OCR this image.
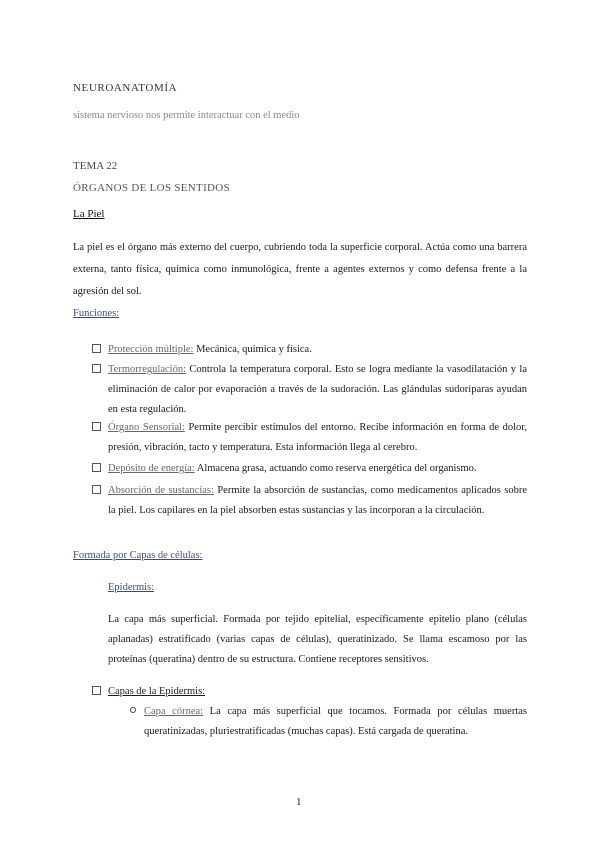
NEUROANATOMÍA
sistema nervioso nos permite interactuar con el medio
TEMA 22
ÓRGANOS DE LOS SENTIDOS
La Piel
La piel es el órgano más externo del cuerpo, cubriendo toda la superficie corporal. Actúa como una barrera externa, tanto física, química como inmunológica, frente a agentes externos y como defensa frente a la agresión del sol.
Funciones:
Protección múltiple: Mecánica, química y física.
Termorregulación: Controla la temperatura corporal. Esto se logra mediante la vasodilatación y la eliminación de calor por evaporación a través de la sudoración. Las glándulas sudoríparas ayudan en esta regulación.
Órgano Sensorial: Permite percibir estímulos del entorno. Recibe información en forma de dolor, presión, vibración, tacto y temperatura. Esta información llega al cerebro.
Depósito de energía: Almacena grasa, actuando como reserva energética del organismo.
Absorción de sustancias: Permite la absorción de sustancias, como medicamentos aplicados sobre la piel. Los capilares en la piel absorben estas sustancias y las incorporan a la circulación.
Formada por Capas de células:
Epidermis:
La capa más superficial. Formada por tejido epitelial, específicamente epitelio plano (células aplanadas) estratificado (varias capas de células), queratinizado. Se llama escamoso por las proteínas (queratina) dentro de su estructura. Contiene receptores sensitivos.
Capas de la Epidermis:
Capa córnea: La capa más superficial que tocamos. Formada por células muertas queratinizadas, pluriestratificadas (muchas capas). Está cargada de queratina.
1
